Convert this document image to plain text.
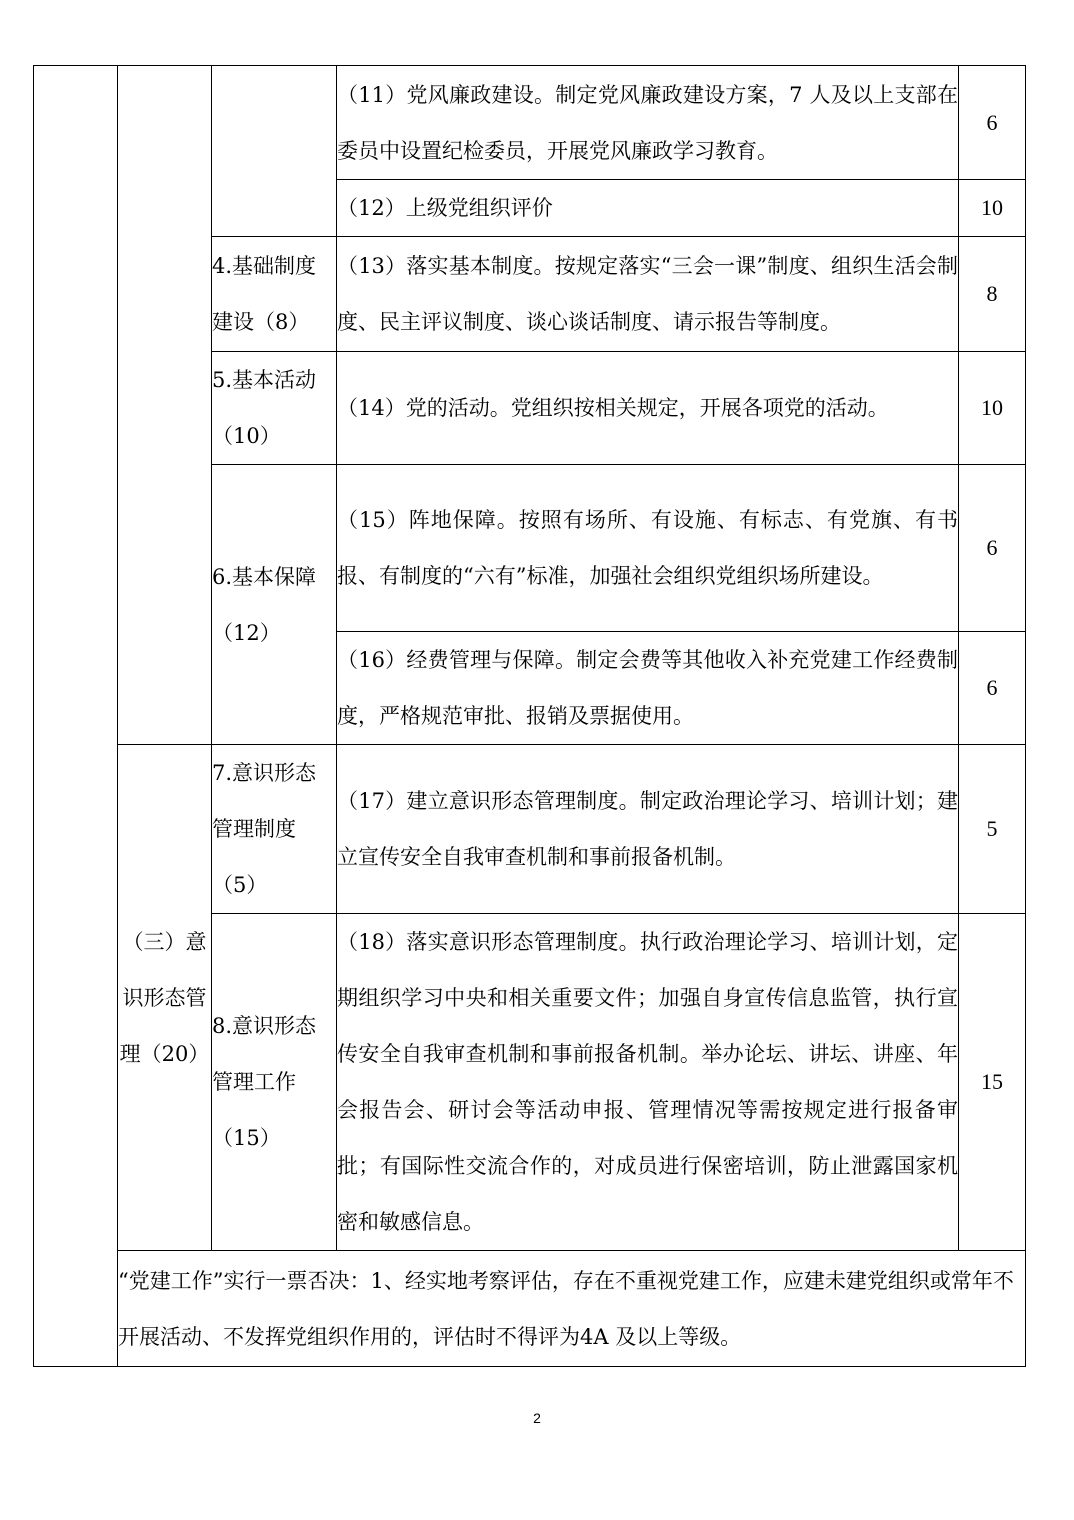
			（11）党风廉政建设。制定党风廉政建设方案，7 人及以上支部在委员中设置纪检委员，开展党风廉政学习教育。	6
			（12）上级党组织评价	10
		4.基础制度建设（8）	（13）落实基本制度。按规定落实“三会一课”制度、组织生活会制度、民主评议制度、谈心谈话制度、请示报告等制度。	8
		5.基本活动（10）	（14）党的活动。党组织按相关规定，开展各项党的活动。	10
		6.基本保障（12）	（15）阵地保障。按照有场所、有设施、有标志、有党旗、有书报、有制度的“六有”标准，加强社会组织党组织场所建设。	6
			（16）经费管理与保障。制定会费等其他收入补充党建工作经费制度，严格规范审批、报销及票据使用。	6
	（三）意识形态管理（20）	7.意识形态管理制度（5）	（17）建立意识形态管理制度。制定政治理论学习、培训计划；建立宣传安全自我审查机制和事前报备机制。	5
		8.意识形态管理工作（15）	（18）落实意识形态管理制度。执行政治理论学习、培训计划，定期组织学习中央和相关重要文件；加强自身宣传信息监管，执行宣传安全自我审查机制和事前报备机制。举办论坛、讲坛、讲座、年会报告会、研讨会等活动申报、管理情况等需按规定进行报备审批；有国际性交流合作的，对成员进行保密培训，防止泄露国家机密和敏感信息。	15
	“党建工作”实行一票否决：1、经实地考察评估，存在不重视党建工作，应建未建党组织或常年不开展活动、不发挥党组织作用的，评估时不得评为4A 及以上等级。			
2
